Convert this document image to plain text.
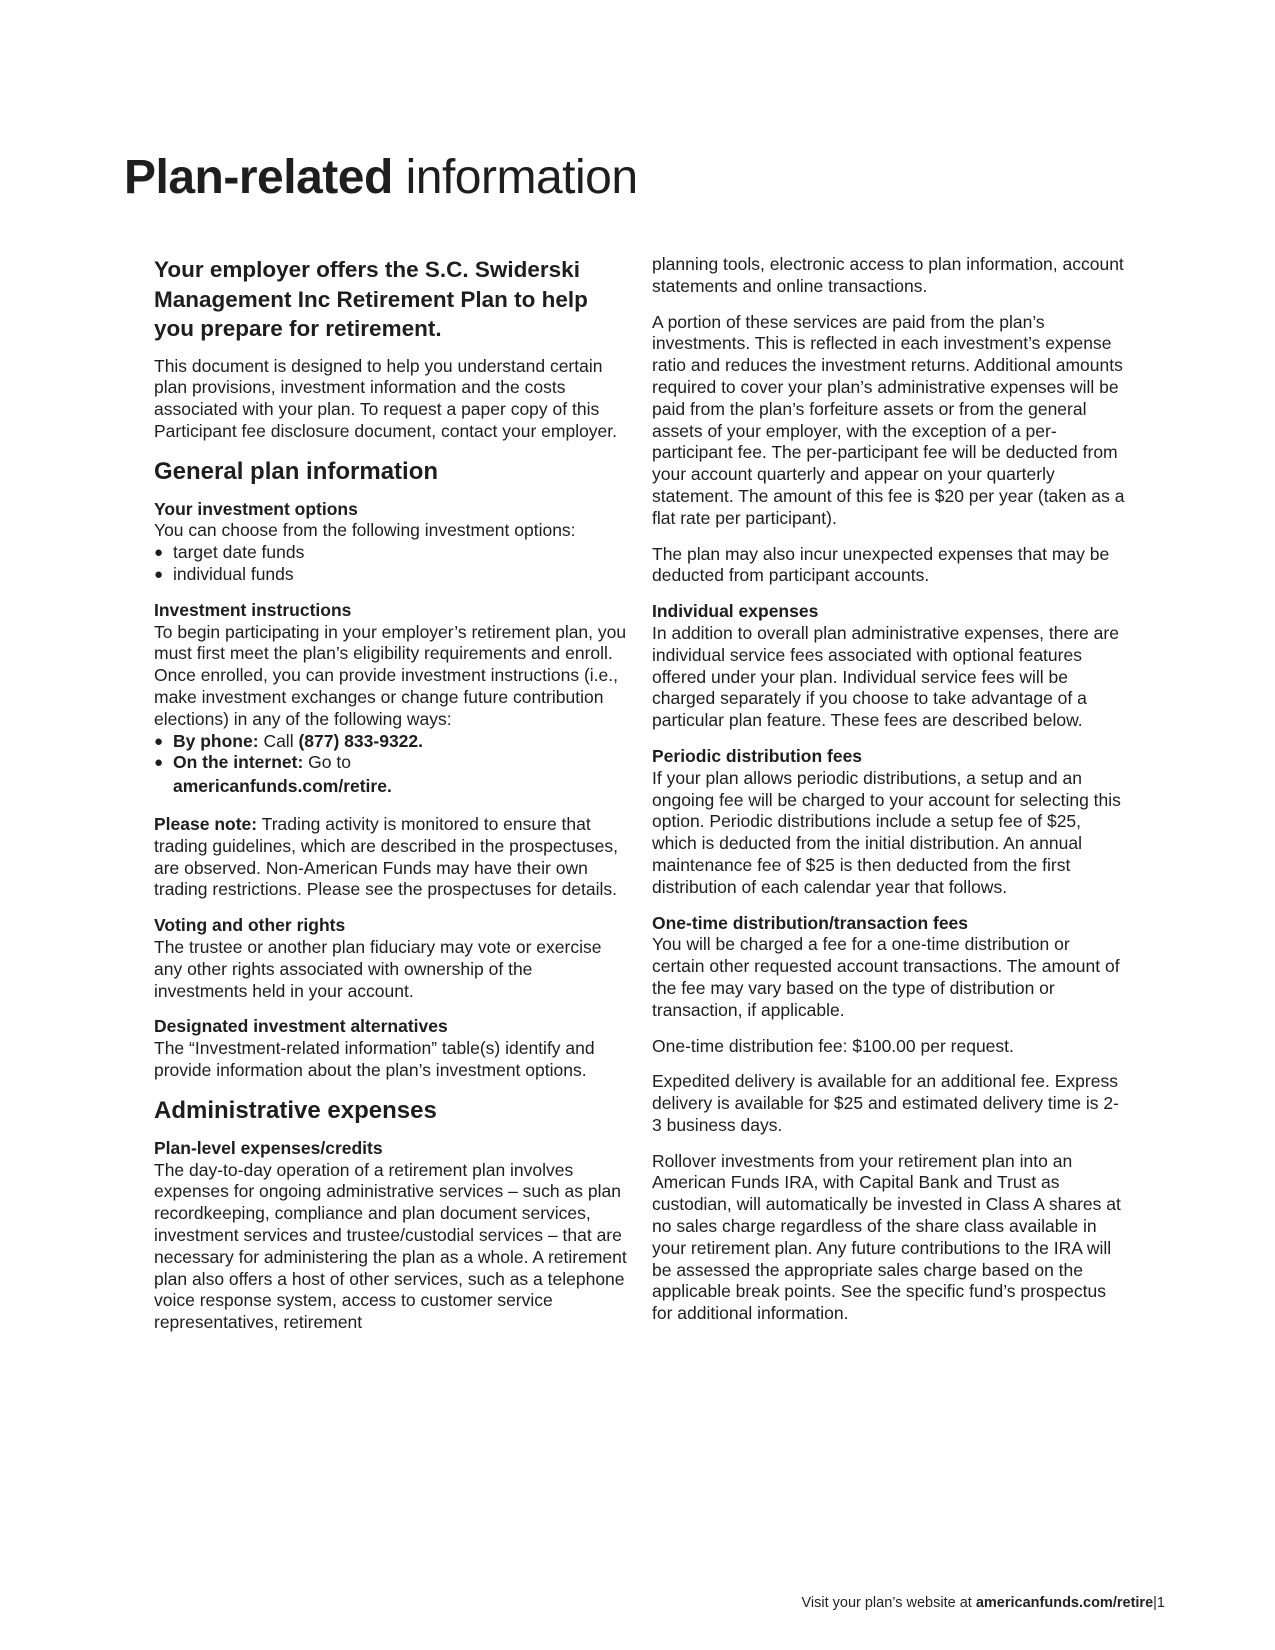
Plan-related information
Your employer offers the S.C. Swiderski Management Inc Retirement Plan to help you prepare for retirement.

This document is designed to help you understand certain plan provisions, investment information and the costs associated with your plan. To request a paper copy of this Participant fee disclosure document, contact your employer.

General plan information
Your investment options
You can choose from the following investment options:
● target date funds
● individual funds
Investment instructions
To begin participating in your employer’s retirement plan, you must first meet the plan’s eligibility requirements and enroll. Once enrolled, you can provide investment instructions (i.e., make investment exchanges or change future contribution elections) in any of the following ways:
● By phone: Call (877) 833-9322.
● On the internet: Go to
americanfunds.com/retire.

Please note: Trading activity is monitored to ensure that trading guidelines, which are described in the prospectuses, are observed. Non-American Funds may have their own trading restrictions. Please see the prospectuses for details.

Voting and other rights

The trustee or another plan fiduciary may vote or exercise any other rights associated with ownership of the investments held in your account.

Designated investment alternatives

The “Investment-related information” table(s) identify and provide information about the plan’s investment options.

Administrative expenses
Plan-level expenses/credits
The day-to-day operation of a retirement plan involves expenses for ongoing administrative services – such as plan recordkeeping, compliance and plan document services, investment services and trustee/custodial services – that are necessary for administering the plan as a whole. A retirement plan also offers a host of other services, such as a telephone voice response system, access to customer service representatives, retirement

planning tools, electronic access to plan information, account statements and online transactions.

A portion of these services are paid from the plan’s investments. This is reflected in each investment’s expense ratio and reduces the investment returns. Additional amounts required to cover your plan’s administrative expenses will be paid from the plan’s forfeiture assets or from the general assets of your employer, with the exception of a per-participant fee. The per-participant fee will be deducted from your account quarterly and appear on your quarterly statement. The amount of this fee is $20 per year (taken as a flat rate per participant).

The plan may also incur unexpected expenses that may be deducted from participant accounts.

Individual expenses

In addition to overall plan administrative expenses, there are individual service fees associated with optional features offered under your plan. Individual service fees will be charged separately if you choose to take advantage of a particular plan feature. These fees are described below.

Periodic distribution fees

If your plan allows periodic distributions, a setup and an ongoing fee will be charged to your account for selecting this option. Periodic distributions include a setup fee of $25, which is deducted from the initial distribution. An annual maintenance fee of $25 is then deducted from the first distribution of each calendar year that follows.

One-time distribution/transaction fees

You will be charged a fee for a one-time distribution or certain other requested account transactions. The amount of the fee may vary based on the type of distribution or transaction, if applicable.

One-time distribution fee: $100.00 per request.

Expedited delivery is available for an additional fee. Express delivery is available for $25 and estimated delivery time is 2-3 business days.

Rollover investments from your retirement plan into an American Funds IRA, with Capital Bank and Trust as custodian, will automatically be invested in Class A shares at no sales charge regardless of the share class available in your retirement plan. Any future contributions to the IRA will be assessed the appropriate sales charge based on the applicable break points. See the specific fund’s prospectus for additional information.

Visit your plan’s website at americanfunds.com/retire|1
